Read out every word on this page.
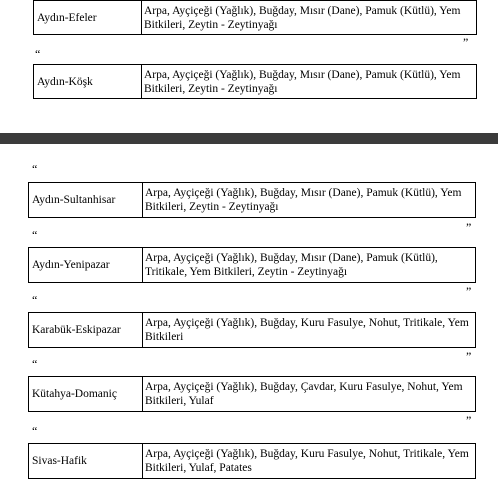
Aydın-Efeler	Arpa, Ayçiçeği (Yağlık), Buğday, Mısır (Dane), Pamuk (Kütlü), Yem Bitkileri, Zeytin - Zeytinyağı
”
“
Aydın-Köşk	Arpa, Ayçiçeği (Yağlık), Buğday, Mısır (Dane), Pamuk (Kütlü), Yem Bitkileri, Zeytin - Zeytinyağı
“
Aydın-Sultanhisar	Arpa, Ayçiçeği (Yağlık), Buğday, Mısır (Dane), Pamuk (Kütlü), Yem Bitkileri, Zeytin - Zeytinyağı
”
“
Aydın-Yenipazar	Arpa, Ayçiçeği (Yağlık), Buğday, Mısır (Dane), Pamuk (Kütlü), Tritikale, Yem Bitkileri, Zeytin - Zeytinyağı
”
“
Karabük-Eskipazar	Arpa, Ayçiçeği (Yağlık), Buğday, Kuru Fasulye, Nohut, Tritikale, Yem Bitkileri
”
“
Kütahya-Domaniç	Arpa, Ayçiçeği (Yağlık), Buğday, Çavdar, Kuru Fasulye, Nohut, Yem Bitkileri, Yulaf
”
“
Sivas-Hafik	Arpa, Ayçiçeği (Yağlık), Buğday, Kuru Fasulye, Nohut, Tritikale, Yem Bitkileri, Yulaf, Patates
